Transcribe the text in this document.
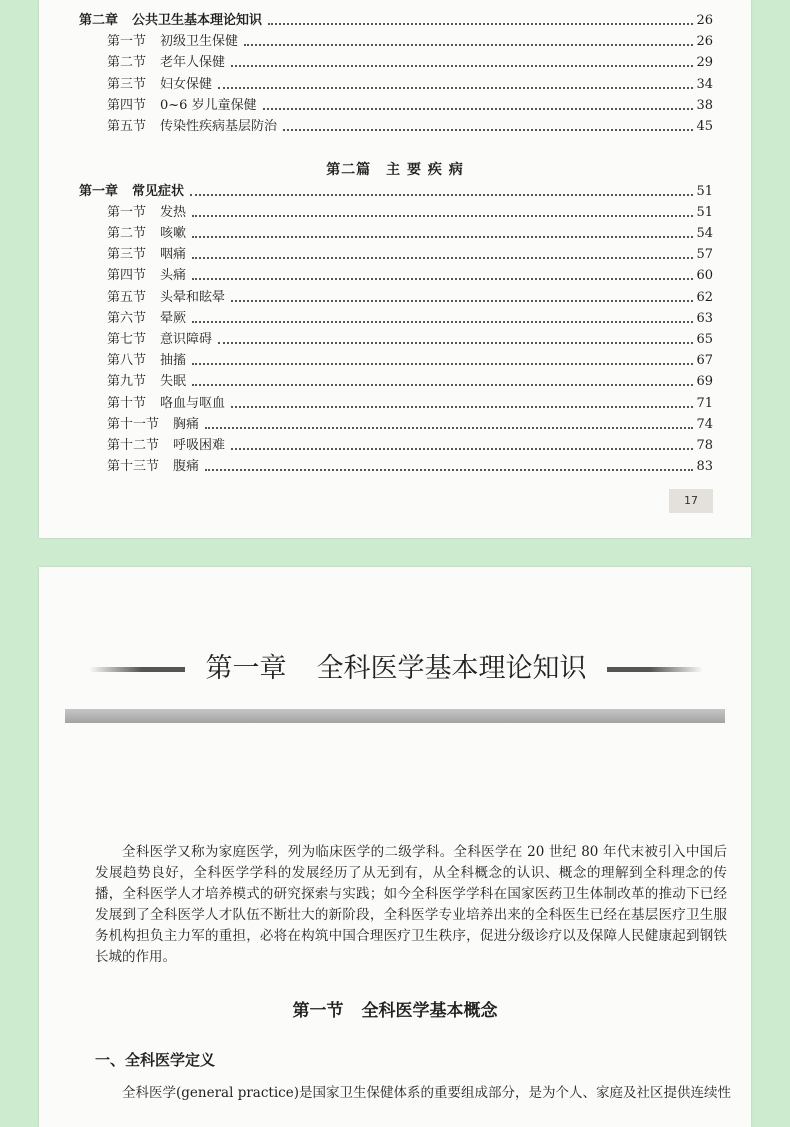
第二章 公共卫生基本理论知识	26
第一节 初级卫生保健	26
第二节 老年人保健	29
第三节 妇女保健	34
第四节 0~6 岁儿童保健	38
第五节 传染性疾病基层防治	45
第一章 常见症状	51
第一节 发热	51
第二节 咳嗽	54
第三节 咽痛	57
第四节 头痛	60
第五节 头晕和眩晕	62
第六节 晕厥	63
第七节 意识障碍	65
第八节 抽搐	67
第九节 失眠	69
第十节 咯血与呕血	71
第十一节 胸痛	74
第十二节 呼吸困难	78
第十三节 腹痛	83
第二篇　主 要 疾 病
17
第一章 全科医学基本理论知识

全科医学又称为家庭医学，列为临床医学的二级学科。全科医学在 20 世纪 80 年代末被引入中国后发展趋势良好，全科医学学科的发展经历了从无到有，从全科概念的认识、概念的理解到全科理念的传播，全科医学人才培养模式的研究探索与实践；如今全科医学学科在国家医药卫生体制改革的推动下已经发展到了全科医学人才队伍不断壮大的新阶段，全科医学专业培养出来的全科医生已经在基层医疗卫生服务机构担负主力军的重担，必将在构筑中国合理医疗卫生秩序，促进分级诊疗以及保障人民健康起到钢铁长城的作用。

第一节 全科医学基本概念
一、全科医学定义

全科医学(general practice)是国家卫生保健体系的重要组成部分，是为个人、家庭及社区提供连续性
